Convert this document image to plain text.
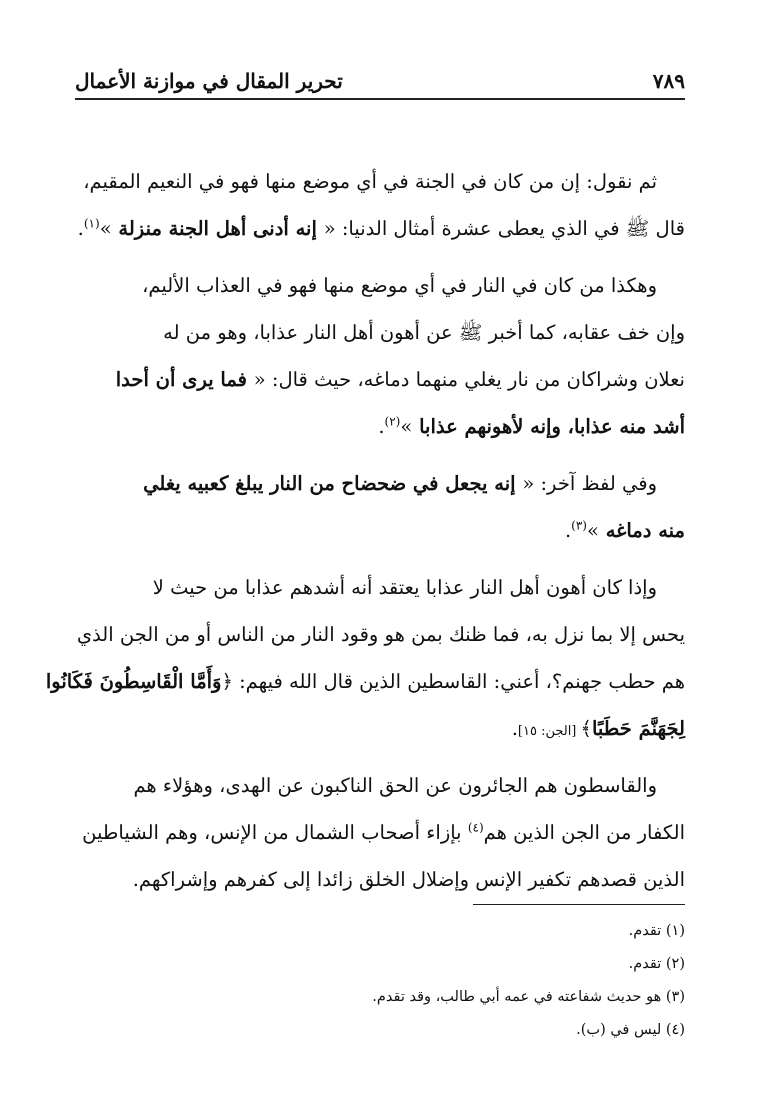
٧٨٩
تحرير المقال في موازنة الأعمال
ثم نقول: إن من كان في الجنة في أي موضع منها فهو في النعيم المقيم،
قال ﷺ في الذي يعطى عشرة أمثال الدنيا: « إنه أدنى أهل الجنة منزلة »$^{(١)}$.
وهكذا من كان في النار في أي موضع منها فهو في العذاب الأليم،
وإن خف عقابه، كما أخبر ﷺ عن أهون أهل النار عذابا، وهو من له
نعلان وشراكان من نار يغلي منهما دماغه، حيث قال: « فما يرى أن أحدا
أشد منه عذابا، وإنه لأهونهم عذابا »$^{(٢)}$.
وفي لفظ آخر: « إنه يجعل في ضحضاح من النار يبلغ كعبيه يغلي
منه دماغه »$^{(٣)}$.
وإذا كان أهون أهل النار عذابا يعتقد أنه أشدهم عذابا من حيث لا
يحس إلا بما نزل به، فما ظنك بمن هو وقود النار من الناس أو من الجن الذي
هم حطب جهنم؟، أعني: القاسطين الذين قال الله فيهم: ﴿وَأَمَّا الْقَاسِطُونَ فَكَانُوا
لِجَهَنَّمَ حَطَبًا﴾ [الجن: ١٥].
والقاسطون هم الجائرون عن الحق الناكبون عن الهدى، وهؤلاء هم
الكفار من الجن الذين هم$^{(٤)}$ بإزاء أصحاب الشمال من الإنس، وهم الشياطين
الذين قصدهم تكفير الإنس وإضلال الخلق زائدا إلى كفرهم وإشراكهم.
(١) تقدم.
(٢) تقدم.
(٣) هو حديث شفاعته في عمه أبي طالب، وقد تقدم.
(٤) ليس في (ب).
